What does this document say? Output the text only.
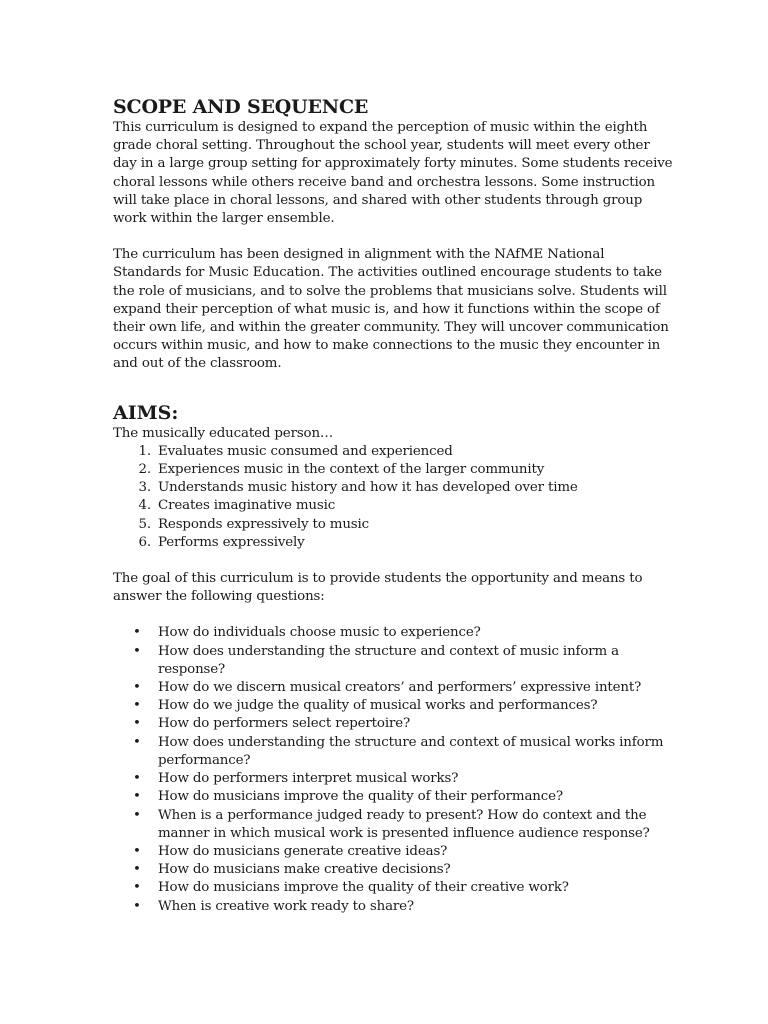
SCOPE AND SEQUENCE

This curriculum is designed to expand the perception of music within the eighth grade choral setting. Throughout the school year, students will meet every other day in a large group setting for approximately forty minutes. Some students receive choral lessons while others receive band and orchestra lessons. Some instruction will take place in choral lessons, and shared with other students through group work within the larger ensemble.

The curriculum has been designed in alignment with the NAfME National Standards for Music Education. The activities outlined encourage students to take the role of musicians, and to solve the problems that musicians solve. Students will expand their perception of what music is, and how it functions within the scope of their own life, and within the greater community. They will uncover communication occurs within music, and how to make connections to the music they encounter in and out of the classroom.

AIMS:

The musically educated person…

1. Evaluates music consumed and experienced
2. Experiences music in the context of the larger community
3. Understands music history and how it has developed over time
4. Creates imaginative music
5. Responds expressively to music
6. Performs expressively

The goal of this curriculum is to provide students the opportunity and means to answer the following questions:

• How do individuals choose music to experience?
• How does understanding the structure and context of music inform a response?
• How do we discern musical creators’ and performers’ expressive intent?
• How do we judge the quality of musical works and performances?
• How do performers select repertoire?
• How does understanding the structure and context of musical works inform performance?
• How do performers interpret musical works?
• How do musicians improve the quality of their performance?
• When is a performance judged ready to present? How do context and the manner in which musical work is presented influence audience response?
• How do musicians generate creative ideas?
• How do musicians make creative decisions?
• How do musicians improve the quality of their creative work?
• When is creative work ready to share?
